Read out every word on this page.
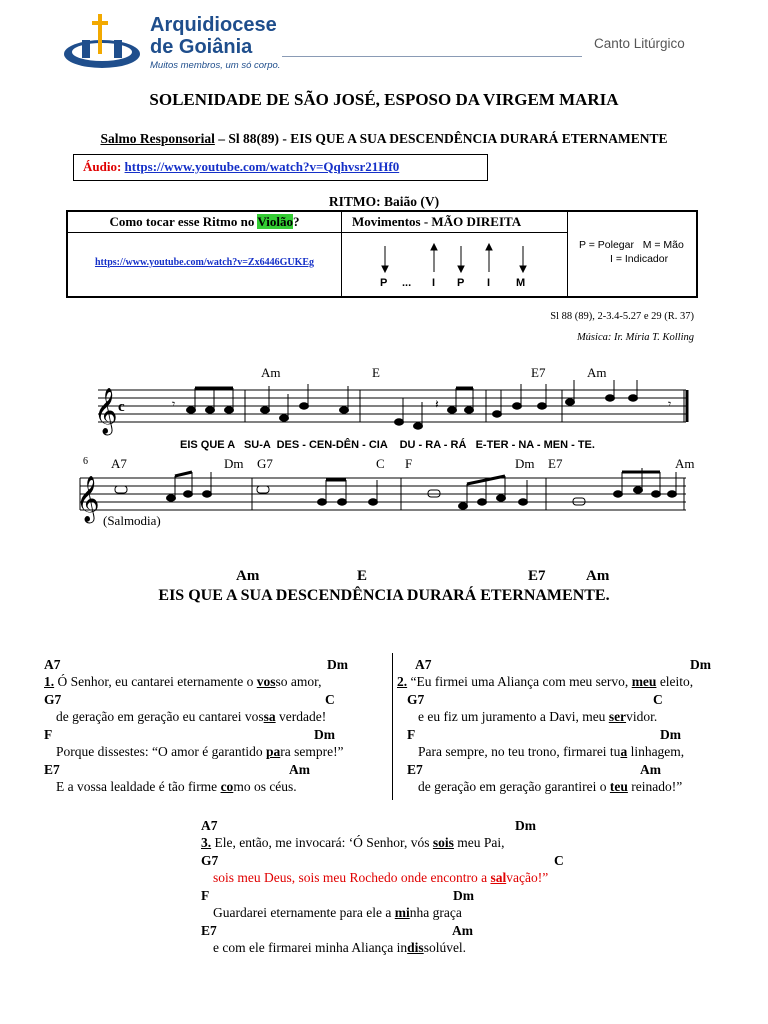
Arquidiocese
de Goiânia
Muitos membros, um só corpo.
Canto Litúrgico
SOLENIDADE DE SÃO JOSÉ, ESPOSO DA VIRGEM MARIA
Salmo Responsorial – Sl 88(89) - EIS QUE A SUA DESCENDÊNCIA DURARÁ ETERNAMENTE
Áudio: https://www.youtube.com/watch?v=Qqhvsr21Hf0
RITMO: Baião (V)
Como tocar esse Ritmo no Violão?
https://www.youtube.com/watch?v=Zx6446GUKEg
Movimentos - MÃO DIREITA
P ... I P I M
P = Polegar   M = Mão
I = Indicador
Sl 88 (89), 2-3.4-5.27 e 29 (R. 37)
Música: Ir. Míria T. Kolling
Am	E	E7	Am
𝄞 c	𝄾	𝄽	𝄾
EIS QUE A   SU-A  DES - CEN-DÊN - CIA    DU - RA - RÁ   E-TER - NA - MEN - TE.
6 A7	Dm G7	C F	Dm E7	Am
𝄞 (Salmodia)
Am	E	E7	Am
EIS QUE A SUA DESCENDÊNCIA DURARÁ ETERNAMENTE.
A7	Dm
1. Ó Senhor, eu cantarei eternamente o vosso amor,
G7	C
de geração em geração eu cantarei vossa verdade!
F	Dm
Porque dissestes: “O amor é garantido para sempre!”
E7	Am
E a vossa lealdade é tão firme como os céus.
A7	Dm
2. “Eu firmei uma Aliança com meu servo, meu eleito,
G7	C
e eu fiz um juramento a Davi, meu servidor.
F	Dm
Para sempre, no teu trono, firmarei tua linhagem,
E7	Am
de geração em geração garantirei o teu reinado!”
A7	Dm
3. Ele, então, me invocará: ‘Ó Senhor, vós sois meu Pai,
G7	C
sois meu Deus, sois meu Rochedo onde encontro a salvação!”
F	Dm
Guardarei eternamente para ele a minha graça
E7	Am
e com ele firmarei minha Aliança indissolúvel.
